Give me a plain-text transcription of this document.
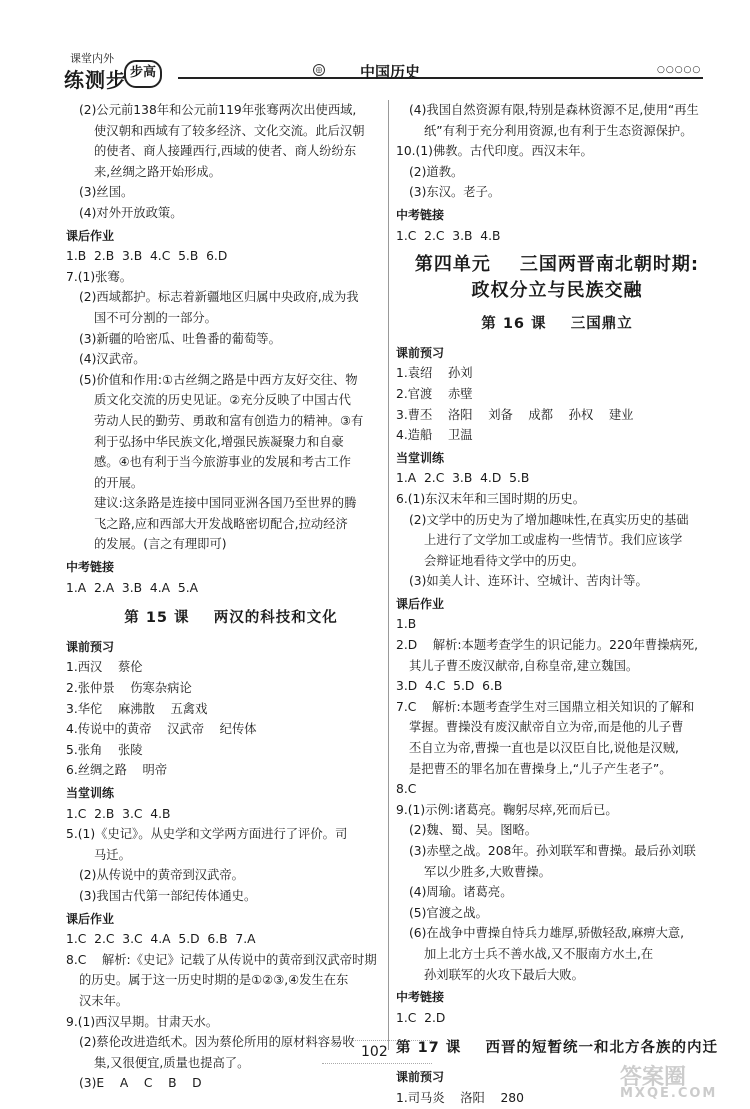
课堂内外
练测步 步高	◎	中国历史	○○○○○
(2)公元前138年和公元前119年张骞两次出使西域,
使汉朝和西域有了较多经济、文化交流。此后汉朝
的使者、商人接踵西行,西域的使者、商人纷纷东
来,丝绸之路开始形成。
(3)丝国。
(4)对外开放政策。
课后作业
1.B  2.B  3.B  4.C  5.B  6.D
7.(1)张骞。
(2)西域都护。标志着新疆地区归属中央政府,成为我
国不可分割的一部分。
(3)新疆的哈密瓜、吐鲁番的葡萄等。
(4)汉武帝。
(5)价值和作用:①古丝绸之路是中西方友好交往、物
质文化交流的历史见证。②充分反映了中国古代
劳动人民的勤劳、勇敢和富有创造力的精神。③有
利于弘扬中华民族文化,增强民族凝聚力和自豪
感。④也有利于当今旅游事业的发展和考古工作
的开展。
建议:这条路是连接中国同亚洲各国乃至世界的腾
飞之路,应和西部大开发战略密切配合,拉动经济
的发展。(言之有理即可)
中考链接
1.A  2.A  3.B  4.A  5.A
第 15 课    两汉的科技和文化
课前预习
1.西汉    蔡伦
2.张仲景    伤寒杂病论
3.华佗    麻沸散    五禽戏
4.传说中的黄帝    汉武帝    纪传体
5.张角    张陵
6.丝绸之路    明帝
当堂训练
1.C  2.B  3.C  4.B
5.(1)《史记》。从史学和文学两方面进行了评价。司
马迁。
(2)从传说中的黄帝到汉武帝。
(3)我国古代第一部纪传体通史。
课后作业
1.C  2.C  3.C  4.A  5.D  6.B  7.A
8.C    解析:《史记》记载了从传说中的黄帝到汉武帝时期
的历史。属于这一历史时期的是①②③,④发生在东
汉末年。
9.(1)西汉早期。甘肃天水。
(2)蔡伦改进造纸术。因为蔡伦所用的原材料容易收
集,又很便宜,质量也提高了。
(3)E    A    C    B    D
(4)我国自然资源有限,特别是森林资源不足,使用“再生
纸”有利于充分利用资源,也有利于生态资源保护。
10.(1)佛教。古代印度。西汉末年。
(2)道教。
(3)东汉。老子。
中考链接
1.C  2.C  3.B  4.B
第四单元    三国两晋南北朝时期:
政权分立与民族交融
第 16 课    三国鼎立
课前预习
1.袁绍    孙刘
2.官渡    赤壁
3.曹丕    洛阳    刘备    成都    孙权    建业
4.造船    卫温
当堂训练
1.A  2.C  3.B  4.D  5.B
6.(1)东汉末年和三国时期的历史。
(2)文学中的历史为了增加趣味性,在真实历史的基础
上进行了文学加工或虚构一些情节。我们应该学
会辩证地看待文学中的历史。
(3)如美人计、连环计、空城计、苦肉计等。
课后作业
1.B
2.D    解析:本题考查学生的识记能力。220年曹操病死,
其儿子曹丕废汉献帝,自称皇帝,建立魏国。
3.D  4.C  5.D  6.B
7.C    解析:本题考查学生对三国鼎立相关知识的了解和
掌握。曹操没有废汉献帝自立为帝,而是他的儿子曹
丕自立为帝,曹操一直也是以汉臣自比,说他是汉贼,
是把曹丕的罪名加在曹操身上,“儿子产生老子”。
8.C
9.(1)示例:诸葛亮。鞠躬尽瘁,死而后已。
(2)魏、蜀、吴。图略。
(3)赤壁之战。208年。孙刘联军和曹操。最后孙刘联
军以少胜多,大败曹操。
(4)周瑜。诸葛亮。
(5)官渡之战。
(6)在战争中曹操自恃兵力雄厚,骄傲轻敌,麻痹大意,
加上北方士兵不善水战,又不服南方水土,在
孙刘联军的火攻下最后大败。
中考链接
1.C  2.D
第 17 课    西晋的短暂统一和北方各族的内迁
课前预习
1.司马炎    洛阳    280
102
答案圈
MXQE.COM
